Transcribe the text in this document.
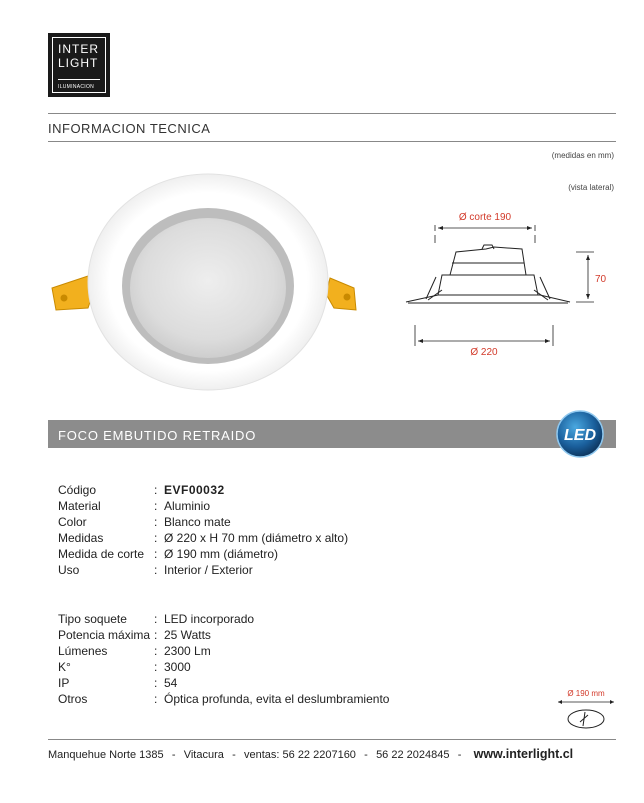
INTER
LIGHT
ILUMINACION
INFORMACION TECNICA
(medidas en mm)
(vista lateral)
Ø corte 190
70
Ø 220
FOCO EMBUTIDO RETRAIDO	LED
Código	: EVF00032
Material	: Aluminio
Color	: Blanco mate
Medidas	: Ø 220 x H 70 mm (diámetro x alto)
Medida de corte : Ø 190 mm (diámetro)
Uso	: Interior / Exterior
Tipo soquete : LED incorporado
Potencia máxima : 25 Watts
Lúmenes	: 2300 Lm
K°	: 3000
IP	: 54
Otros	: Óptica profunda, evita el deslumbramiento	Ø 190 mm
Manquehue Norte 1385 - Vitacura - ventas: 56 22 2207160 - 56 22 2024845 - www.interlight.cl
